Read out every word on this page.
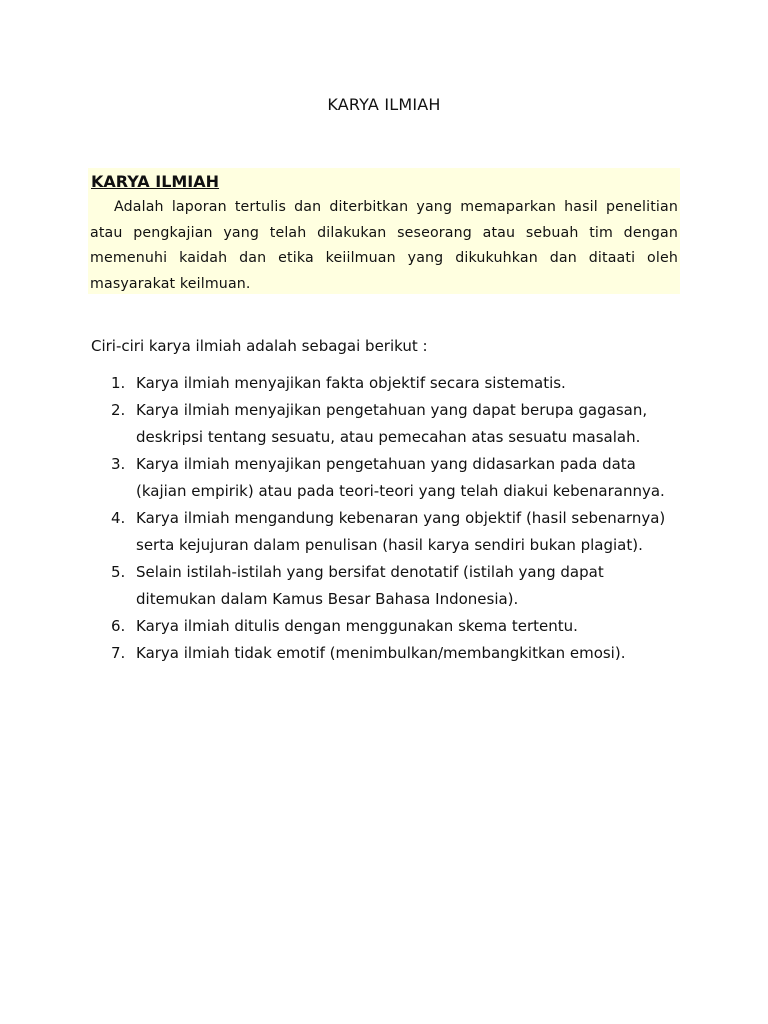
KARYA ILMIAH
KARYA ILMIAH

Adalah laporan tertulis dan diterbitkan yang memaparkan hasil penelitian atau pengkajian yang telah dilakukan seseorang atau sebuah tim dengan memenuhi kaidah dan etika keiilmuan yang dikukuhkan dan ditaati oleh masyarakat keilmuan.

Ciri-ciri karya ilmiah adalah sebagai berikut :

1. Karya ilmiah menyajikan fakta objektif secara sistematis.
2. Karya ilmiah menyajikan pengetahuan yang dapat berupa gagasan, deskripsi tentang sesuatu, atau pemecahan atas sesuatu masalah.
3. Karya ilmiah menyajikan pengetahuan yang didasarkan pada data (kajian empirik) atau pada teori-teori yang telah diakui kebenarannya.
4. Karya ilmiah mengandung kebenaran yang objektif (hasil sebenarnya) serta kejujuran dalam penulisan (hasil karya sendiri bukan plagiat).
5. Selain istilah-istilah yang bersifat denotatif (istilah yang dapat ditemukan dalam Kamus Besar Bahasa Indonesia).
6. Karya ilmiah ditulis dengan menggunakan skema tertentu.
7. Karya ilmiah tidak emotif (menimbulkan/membangkitkan emosi).
